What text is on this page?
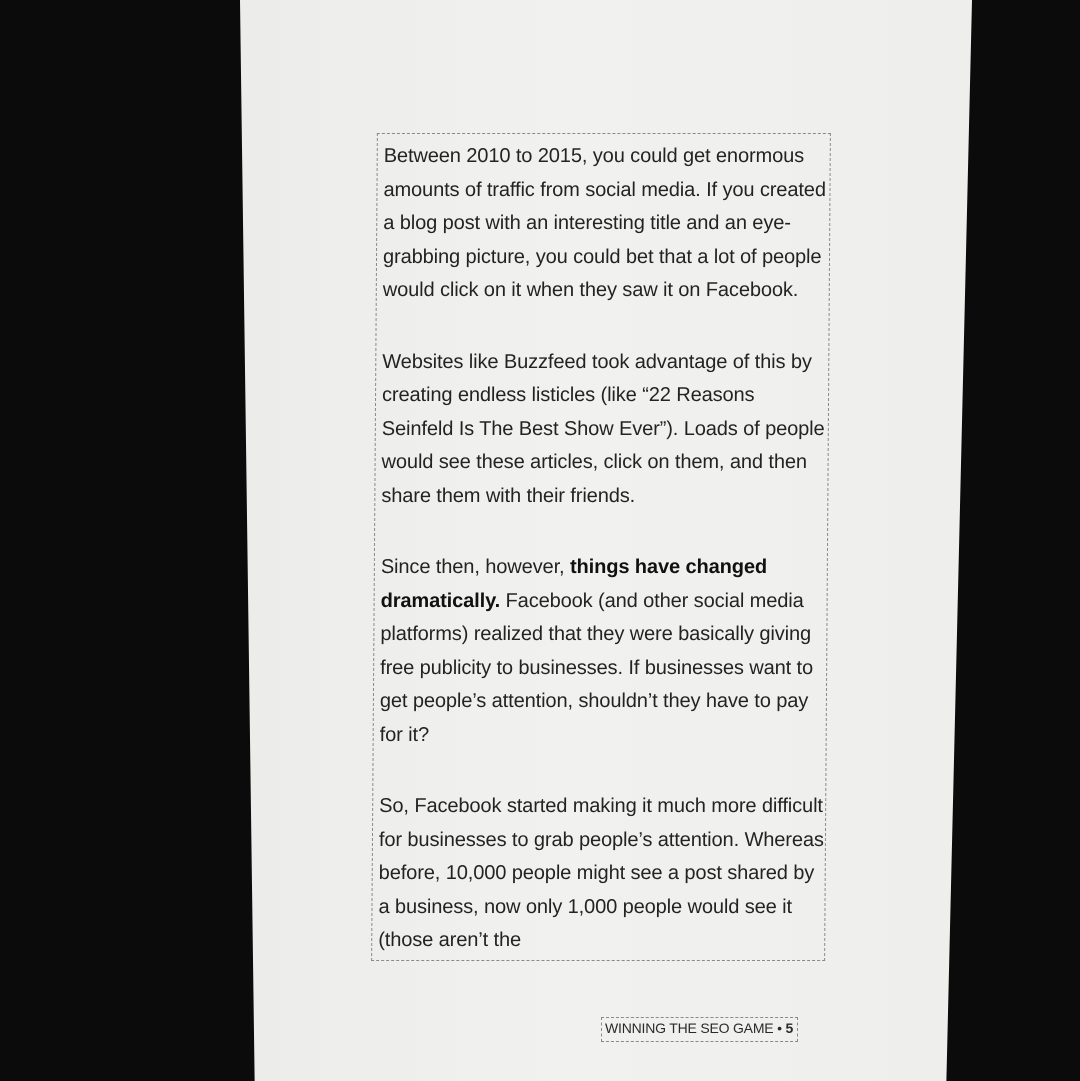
Between 2010 to 2015, you could get enormous amounts of traffic from social media. If you created a blog post with an interesting title and an eye-grabbing picture, you could bet that a lot of people would click on it when they saw it on Facebook.

Websites like Buzzfeed took advantage of this by creating endless listicles (like “22 Reasons Seinfeld Is The Best Show Ever”). Loads of people would see these articles, click on them, and then share them with their friends.

Since then, however, things have changed dramatically. Facebook (and other social media platforms) realized that they were basically giving free publicity to businesses. If businesses want to get people’s attention, shouldn’t they have to pay for it?

So, Facebook started making it much more difficult for businesses to grab people’s attention. Whereas before, 10,000 people might see a post shared by a business, now only 1,000 people would see it (those aren’t the

WINNING THE SEO GAME • 5
